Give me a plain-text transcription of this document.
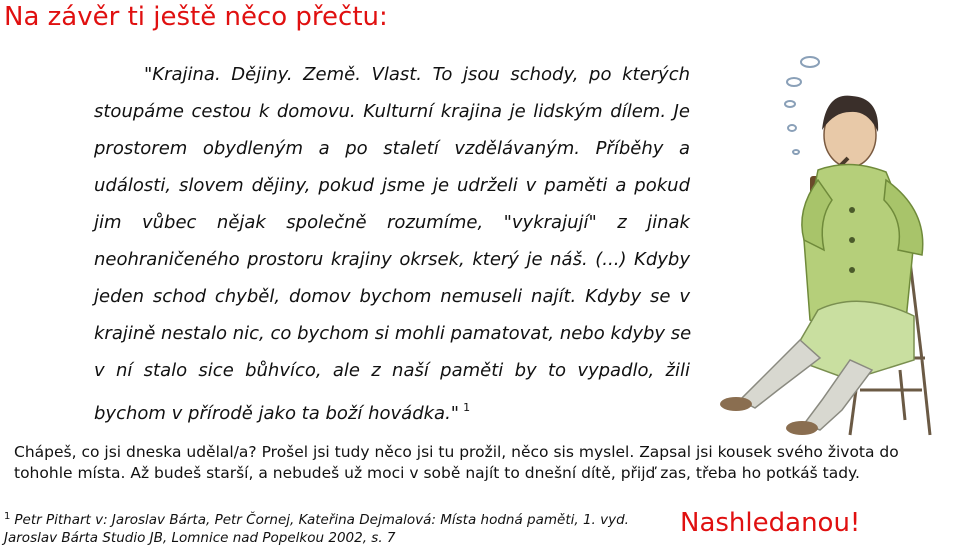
Na závěr ti ještě něco přečtu:
"Krajina. Dějiny. Země. Vlast. To jsou schody, po kterých
stoupáme cestou k domovu. Kulturní krajina je lidským dílem. Je
prostorem obydleným a po staletí vzdělávaným. Příběhy a
události, slovem dějiny, pokud jsme je udrželi v paměti a pokud
jim vůbec nějak společně rozumíme, "vykrajují" z jinak
neohraničeného prostoru krajiny okrsek, který je náš. (...) Kdyby
jeden schod chyběl, domov bychom nemuseli najít. Kdyby se v
krajině nestalo nic, co bychom si mohli pamatovat, nebo kdyby se
v ní stalo sice bůhvíco, ale z naší paměti by to vypadlo, žili
bychom v přírodě jako ta boží hovádka." $^1$
Chápeš, co jsi dneska udělal/a? Prošel jsi tudy něco jsi tu prožil, něco sis myslel. Zapsal jsi kousek svého života do tohohle místa. Až budeš starší, a nebudeš už moci v sobě najít to dnešní dítě, přijď zas, třeba ho potkáš tady.
$^1$ Petr Pithart v: Jaroslav Bárta, Petr Čornej, Kateřina Dejmalová: Místa hodná paměti, 1. vyd.
Jaroslav Bárta Studio JB, Lomnice nad Popelkou 2002, s. 7	Nashledanou!
